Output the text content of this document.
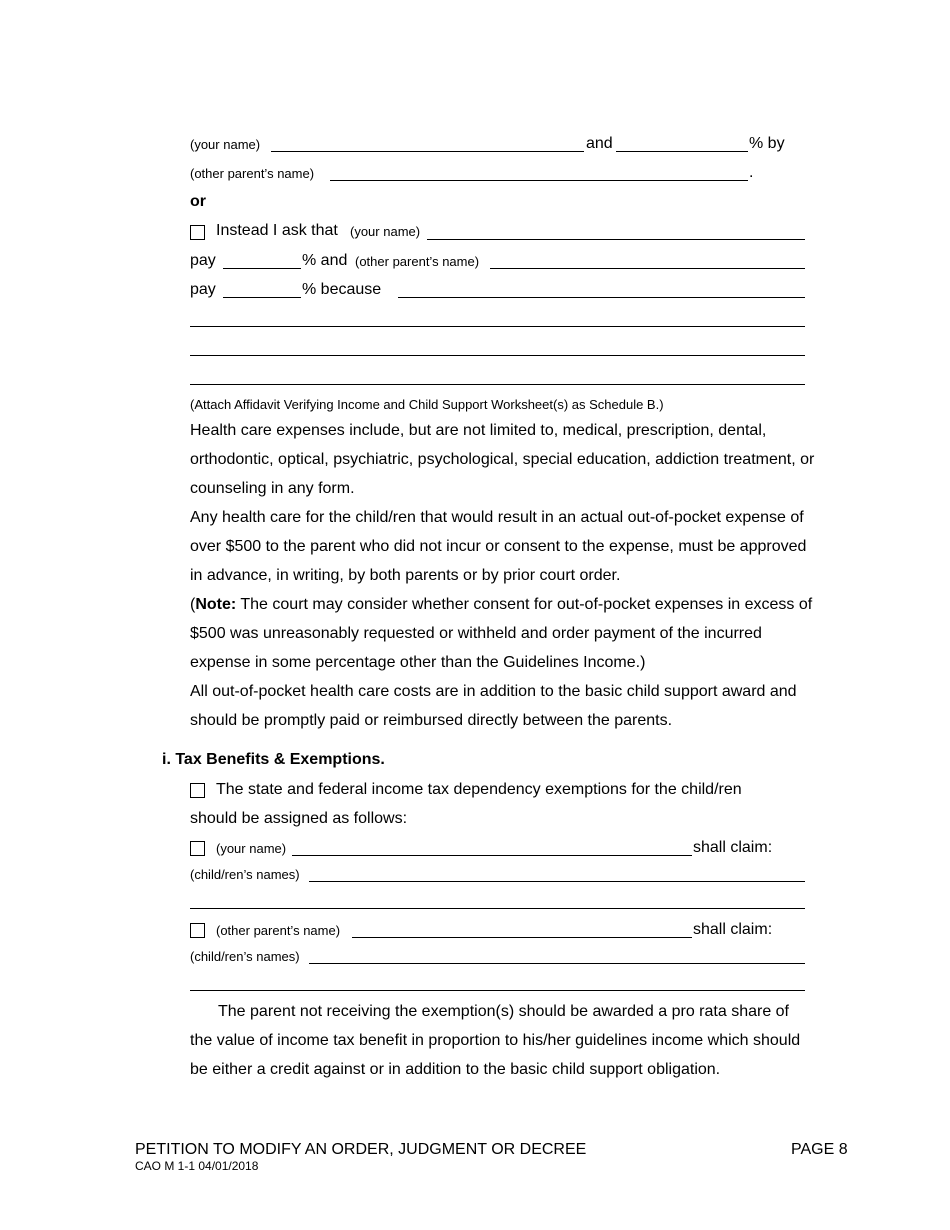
(your name)	and	% by
(other parent’s name)	.
or
Instead I ask that (your name)
pay	% and (other parent’s name)
pay	% because
(Attach Affidavit Verifying Income and Child Support Worksheet(s) as Schedule B.)

Health care expenses include, but are not limited to, medical, prescription, dental, orthodontic, optical, psychiatric, psychological, special education, addiction treatment, or counseling in any form.

Any health care for the child/ren that would result in an actual out-of-pocket expense of over $500 to the parent who did not incur or consent to the expense, must be approved in advance, in writing, by both parents or by prior court order.

(Note: The court may consider whether consent for out-of-pocket expenses in excess of $500 was unreasonably requested or withheld and order payment of the incurred expense in some percentage other than the Guidelines Income.)

All out-of-pocket health care costs are in addition to the basic child support award and should be promptly paid or reimbursed directly between the parents.

i. Tax Benefits & Exemptions.
The state and federal income tax dependency exemptions for the child/ren
should be assigned as follows:
(your name)	shall claim:
(child/ren’s names)
(other parent’s name)	shall claim:
(child/ren’s names)
The parent not receiving the exemption(s) should be awarded a pro rata share of the value of income tax benefit in proportion to his/her guidelines income which should be either a credit against or in addition to the basic child support obligation.
PETITION TO MODIFY AN ORDER, JUDGMENT OR DECREE	PAGE 8
CAO M 1-1 04/01/2018
